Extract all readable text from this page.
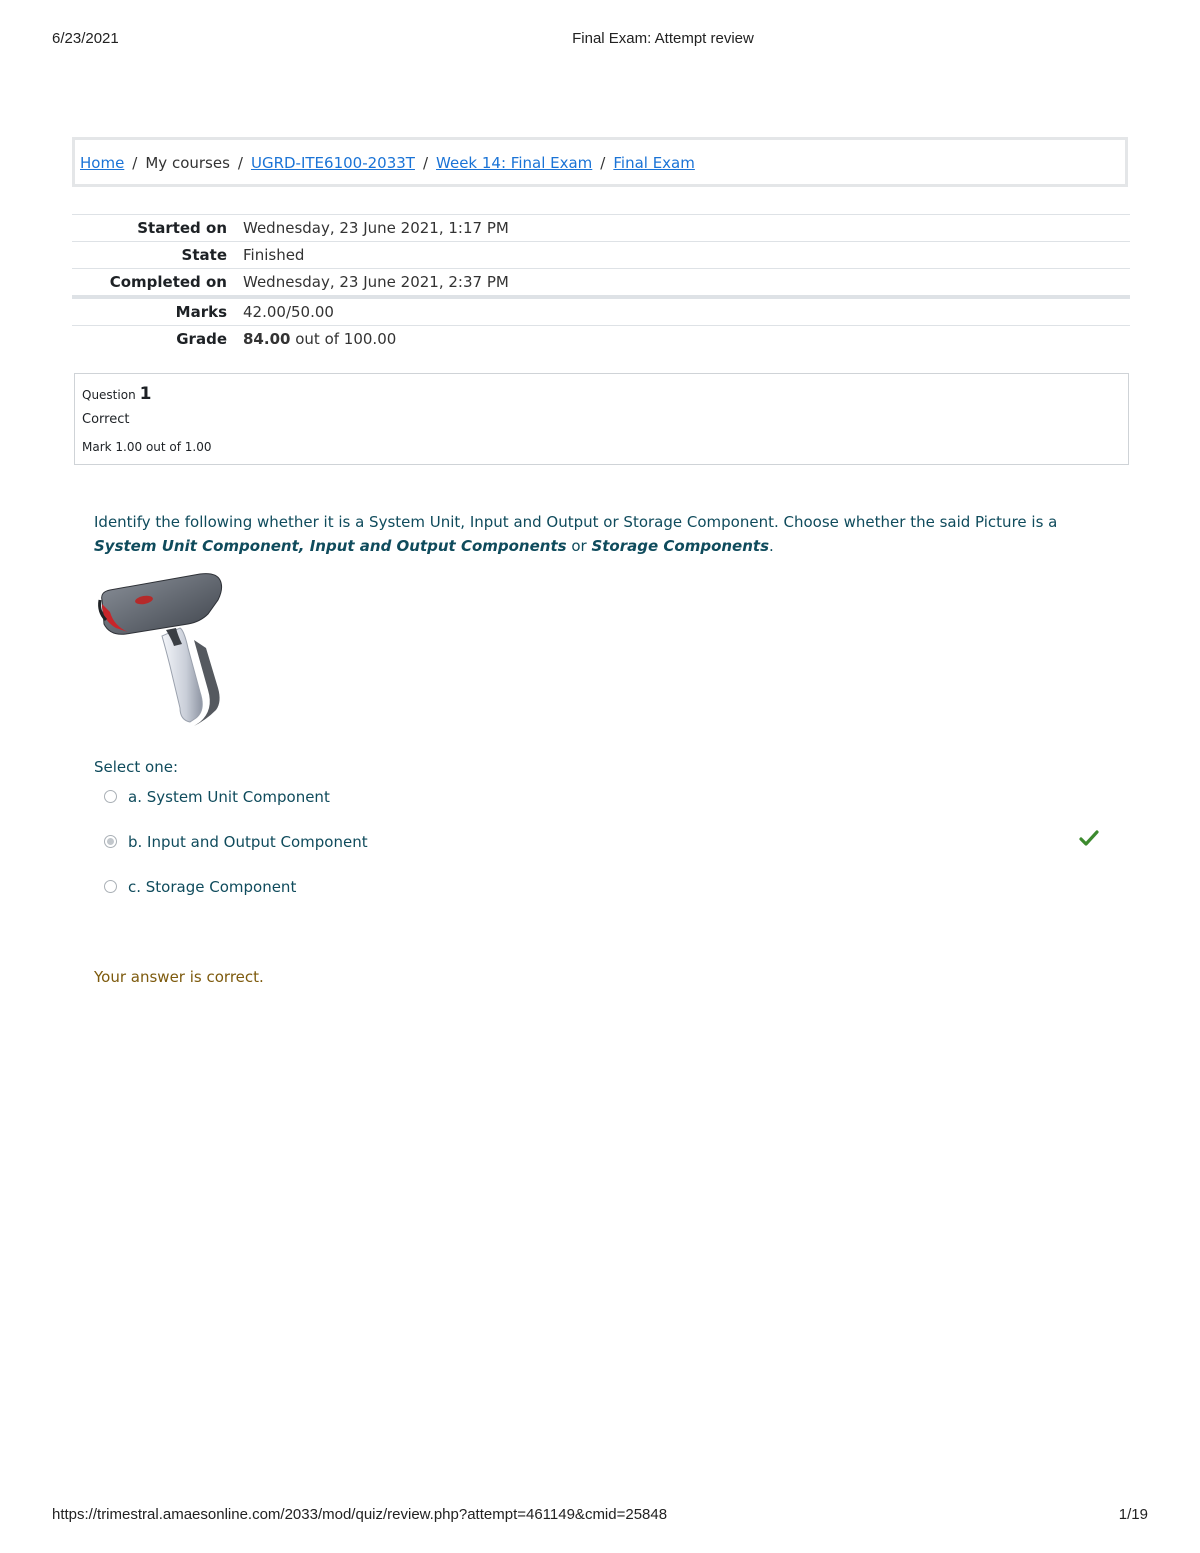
6/23/2021	Final Exam: Attempt review
Home / My courses / UGRD-ITE6100-2033T / Week 14: Final Exam / Final Exam
Started on	Wednesday, 23 June 2021, 1:17 PM
State	Finished
Completed on	Wednesday, 23 June 2021, 2:37 PM
Marks	42.00/50.00
Grade	84.00 out of 100.00
Question 1
Correct
Mark 1.00 out of 1.00
Identify the following whether it is a System Unit, Input and Output or Storage Component. Choose whether the said Picture is a System Unit Component, Input and Output Components or Storage Components.
Select one:
a. System Unit Component
b. Input and Output Component
c. Storage Component
Your answer is correct.
https://trimestral.amaesonline.com/2033/mod/quiz/review.php?attempt=461149&cmid=25848	1/19
